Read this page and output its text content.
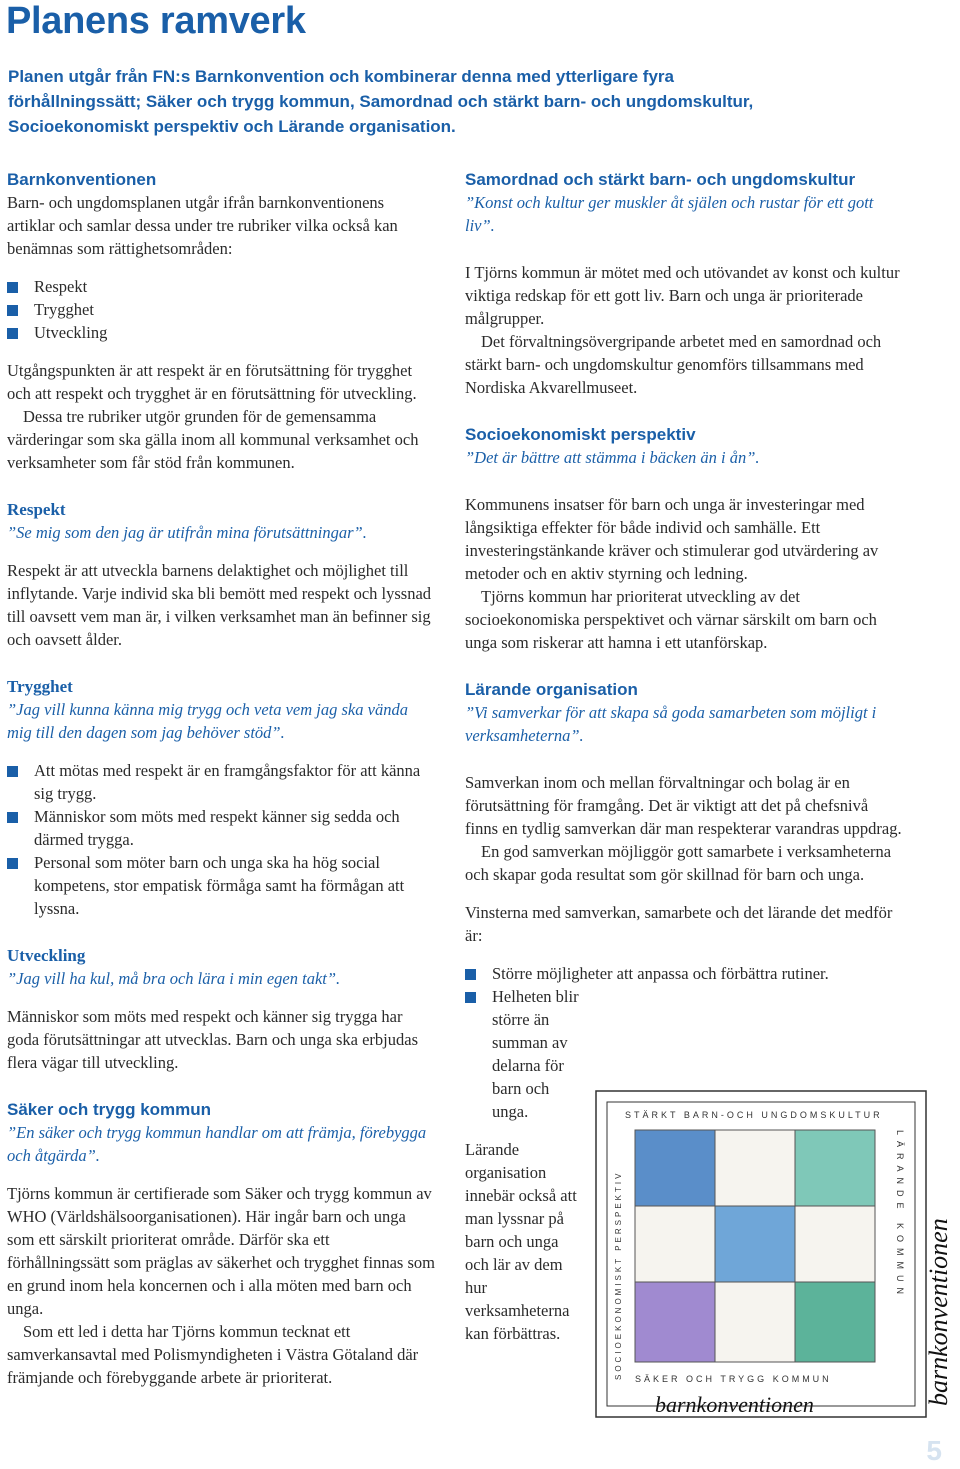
Planens ramverk

Planen utgår från FN:s Barnkonvention och kombinerar denna med ytterligare fyra förhållningssätt; Säker och trygg kommun, Samordnad och stärkt barn- och ungdomskultur, Socioekonomiskt perspektiv och Lärande organisation.

Barnkonventionen

Barn- och ungdomsplanen utgår ifrån barnkonventionens artiklar och samlar dessa under tre rubriker vilka också kan benämnas som rättighetsområden:

Respekt
Trygghet
Utveckling

Utgångspunkten är att respekt är en förutsättning för trygghet och att respekt och trygghet är en förutsättning för utveckling.

Dessa tre rubriker utgör grunden för de gemensamma värderingar som ska gälla inom all kommunal verksamhet och verksamheter som får stöd från kommunen.

Respekt

”Se mig som den jag är utifrån mina förutsättningar”.

Respekt är att utveckla barnens delaktighet och möjlighet till inflytande. Varje individ ska bli bemött med respekt och lyssnad till oavsett vem man är, i vilken verksamhet man än befinner sig och oavsett ålder.

Trygghet

”Jag vill kunna känna mig trygg och veta vem jag ska vända mig till den dagen som jag behöver stöd”.

Att mötas med respekt är en framgångsfaktor för att känna sig trygg.
Människor som möts med respekt känner sig sedda och därmed trygga.
Personal som möter barn och unga ska ha hög social kompetens, stor empatisk förmåga samt ha förmågan att lyssna.
Utveckling

”Jag vill ha kul, må bra och lära i min egen takt”.

Människor som möts med respekt och känner sig trygga har goda förutsättningar att utvecklas. Barn och unga ska erbjudas flera vägar till utveckling.

Säker och trygg kommun

”En säker och trygg kommun handlar om att främja, förebygga och åtgärda”.

Tjörns kommun är certifierade som Säker och trygg kommun av WHO (Världshälsoorganisationen). Här ingår barn och unga som ett särskilt prioriterat område. Därför ska ett förhållningssätt som präglas av säkerhet och trygghet finnas som en grund inom hela koncernen och i alla möten med barn och unga.

Som ett led i detta har Tjörns kommun tecknat ett samverkansavtal med Polismyndigheten i Västra Götaland där främjande och förebyggande arbete är prioriterat.

Samordnad och stärkt barn- och ungdomskultur

”Konst och kultur ger muskler åt själen och rustar för ett gott liv”.

I Tjörns kommun är mötet med och utövandet av konst och kultur viktiga redskap för ett gott liv. Barn och unga är prioriterade målgrupper.

Det förvaltningsövergripande arbetet med en samordnad och stärkt barn- och ungdomskultur genomförs tillsammans med Nordiska Akvarellmuseet.

Socioekonomiskt perspektiv

”Det är bättre att stämma i bäcken än i ån”.

Kommunens insatser för barn och unga är investeringar med långsiktiga effekter för både individ och samhälle. Ett investeringstänkande kräver och stimulerar god utvärdering av metoder och en aktiv styrning och ledning.

Tjörns kommun har prioriterat utveckling av det socioekonomiska perspektivet och värnar särskilt om barn och unga som riskerar att hamna i ett utanförskap.

Lärande organisation

”Vi samverkar för att skapa så goda samarbeten som möjligt i verksamheterna”.

Samverkan inom och mellan förvaltningar och bolag är en förutsättning för framgång. Det är viktigt att det på chefsnivå finns en tydlig samverkan där man respekterar varandras uppdrag.

En god samverkan möjliggör gott samarbete i verksamheterna och skapar goda resultat som gör skillnad för barn och unga.

Vinsterna med samverkan, samarbete och det lärande det medför är:

Större möjligheter att anpassa och förbättra rutiner.
Helheten blir större än summan av delarna för barn och unga.

Lärande organisation innebär också att man lyssnar på barn och unga och lär av dem hur verksamheterna kan förbättras.

STÄRKT BARN-OCH UNGDOMSKULTUR
SOCIOEKONOMISKT PERSPEKTIV	LÄRANDE KOMMUN
SÄKER OCH TRYGG KOMMUN	barnkonventionen
barnkonventionen
5
